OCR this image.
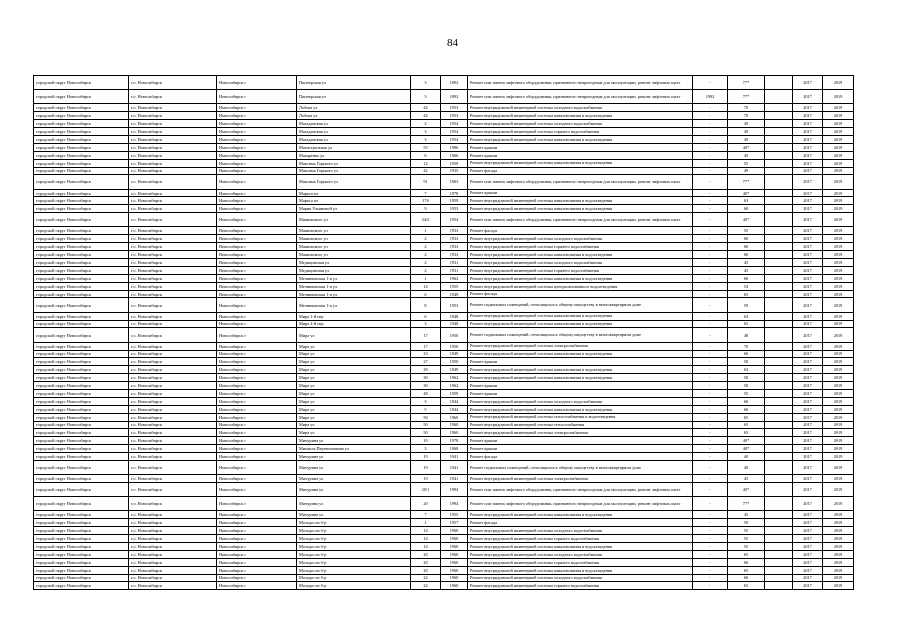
84
городской округ Новосибирск	г.о. Новосибирск	Новосибирск г	Пионерская ул	3	1892	Ремонт или замена лифтового оборудования, признанного непригодным для эксплуатации, ремонт лифтовых шахт	-	77*		2017	2019
городской округ Новосибирск	г.о. Новосибирск	Новосибирск г	Пионерская ул	3	1892	Ремонт или замена лифтового оборудования, признанного непригодным для эксплуатации, ремонт лифтовых шахт	1992	77*		2017	2019
городской округ Новосибирск	г.о. Новосибирск	Новосибирск г	Лобова ул	42	1953	Ремонт внутридомовой инженерной системы холодного водоснабжения	-	70		2017	2019
городской округ Новосибирск	г.о. Новосибирск	Новосибирск г	Лобова ул	42	1953	Ремонт внутридомовой инженерной системы канализования и водоотведения	-	70		2017	2019
городской округ Новосибирск	г.о. Новосибирск	Новосибирск г	Магаданская ул	2	1954	Ремонт внутридомовой инженерной системы холодного водоснабжения	-	49		2017	2019
городской округ Новосибирск	г.о. Новосибирск	Новосибирск г	Магаданская ул	3	1954	Ремонт внутридомовой инженерной системы горячего водоснабжения	-	49		2017	2019
городской округ Новосибирск	г.о. Новосибирск	Новосибирск г	Магаданская ул	3	1954	Ремонт внутридомовой инженерной системы канализования и водоотведения	-	49		2017	2019
городской округ Новосибирск	г.о. Новосибирск	Новосибирск г	Магистральная ул	55	1986	Ремонт крыши	-	40*		2017	2019
городской округ Новосибирск	г.о. Новосибирск	Новосибирск г	Макаренко ул	6	1966	Ремонт крыши	-	45		2017	2019
городской округ Новосибирск	г.о. Новосибирск	Новосибирск г	Максима Горького ул	12	1959	Ремонт внутридомовой инженерной системы канализования и водоотведения	-	55		2017	2019
городской округ Новосибирск	г.о. Новосибирск	Новосибирск г	Максима Горького ул	42	1935	Ремонт фасада	-	49		2017	2019
городской округ Новосибирск	г.о. Новосибирск	Новосибирск г	Максима Горького ул	91	1963	Ремонт или замена лифтового оборудования, признанного непригодным для эксплуатации, ремонт лифтовых шахт	-	77*		2017	2019
городской округ Новосибирск	г.о. Новосибирск	Новосибирск г	Маркса пл	7	1978	Ремонт крыши	-	40*		2017	2019
городской округ Новосибирск	г.о. Новосибирск	Новосибирск г	Маркса пл	176	1959	Ремонт внутридомовой инженерной системы канализования и водоотведения	-	63		2017	2019
городской округ Новосибирск	г.о. Новосибирск	Новосибирск г	Мария Ульяновой ул	9	1953	Ремонт внутридомовой инженерной системы канализования и водоотведения	-	60		2017	2019
городской округ Новосибирск	г.о. Новосибирск	Новосибирск г	Маяковского ул	24/3	1954	Ремонт или замена лифтового оборудования, признанного непригодным для эксплуатации, ремонт лифтовых шахт	-	40*		2017	2019
городской округ Новосибирск	г.о. Новосибирск	Новосибирск г	Маяковского ул	1	1933	Ремонт фасада	-	55		2017	2019
городской округ Новосибирск	г.о. Новосибирск	Новосибирск г	Маяковского ул	2	1933	Ремонт внутридомовой инженерной системы холодного водоснабжения	-	80		2017	2019
городской округ Новосибирск	г.о. Новосибирск	Новосибирск г	Маяковского ул	2	1933	Ремонт внутридомовой инженерной системы горячего водоснабжения	-	80		2017	2019
городской округ Новосибирск	г.о. Новосибирск	Новосибирск г	Маяковского ул	2	1933	Ремонт внутридомовой инженерной системы канализования и водоотведения	-	80		2017	2019
городской округ Новосибирск	г.о. Новосибирск	Новосибирск г	Медицинская ул	2	1931	Ремонт внутридомовой инженерной системы холодного водоснабжения	-	45		2017	2019
городской округ Новосибирск	г.о. Новосибирск	Новосибирск г	Медицинская ул	2	1931	Ремонт внутридомовой инженерной системы горячего водоснабжения	-	45		2017	2019
городской округ Новосибирск	г.о. Новосибирск	Новосибирск г	Мечниковская 1-я ул	1	1962	Ремонт внутридомовой инженерной системы канализования и водоотведения	-	60		2017	2019
городской округ Новосибирск	г.о. Новосибирск	Новосибирск г	Мечниковская 1-я ул	14	1955	Ремонт внутридомовой инженерной системы централизованного водоотведения	-	53		2017	2019
городской округ Новосибирск	г.о. Новосибирск	Новосибирск г	Мечниковская 1-я ул	6	1949	Ремонт фасада	-	65		2017	2019
городской округ Новосибирск	г.о. Новосибирск	Новосибирск г	Мечниковская 1-я ул	8	1953	Ремонт подвальных помещений, относящихся к общему имуществу в многоквартирном доме	-	59		2017	2019
городской округ Новосибирск	г.о. Новосибирск	Новосибирск г	Мира 1-й пер	6	1948	Ремонт внутридомовой инженерной системы канализования и водоотведения	-	63		2017	2019
городской округ Новосибирск	г.о. Новосибирск	Новосибирск г	Мира 2-й пер	3	1948	Ремонт внутридомовой инженерной системы канализования и водоотведения	-	65		2017	2019
городской округ Новосибирск	г.о. Новосибирск	Новосибирск г	Мира ул	17	1950	Ремонт подвальных помещений, относящихся к общему имуществу в многоквартирном доме	-	48		2017	2019
городской округ Новосибирск	г.о. Новосибирск	Новосибирск г	Мира ул	17	1950	Ремонт внутридомовой инженерной системы электроснабжения	-	70		2017	2019
городской округ Новосибирск	г.о. Новосибирск	Новосибирск г	Мира ул	23	1949	Ремонт внутридомовой инженерной системы канализования и водоотведения	-	60		2017	2019
городской округ Новосибирск	г.о. Новосибирск	Новосибирск г	Мира ул	27	1950	Ремонт крыши	-	50		2017	2019
городской округ Новосибирск	г.о. Новосибирск	Новосибирск г	Мира ул	29	1949	Ремонт внутридомовой инженерной системы канализования и водоотведения	-	63		2017	2019
городской округ Новосибирск	г.о. Новосибирск	Новосибирск г	Мира ул	30	1962	Ремонт внутридомовой инженерной системы канализования и водоотведения	-	50		2017	2019
городской округ Новосибирск	г.о. Новосибирск	Новосибирск г	Мира ул	30	1962	Ремонт крыши	-	50		2017	2019
городской округ Новосибирск	г.о. Новосибирск	Новосибирск г	Мира ул	48	1959	Ремонт крыши	-	55		2017	2019
городской округ Новосибирск	г.о. Новосибирск	Новосибирск г	Мира ул	3	1944	Ремонт внутридомовой инженерной системы холодного водоснабжения	-	60		2017	2019
городской округ Новосибирск	г.о. Новосибирск	Новосибирск г	Мира ул	5	1944	Ремонт внутридомовой инженерной системы канализования и водоотведения	-	60		2017	2019
городской округ Новосибирск	г.о. Новосибирск	Новосибирск г	Мира ул	50	1960	Ремонт внутридомовой инженерной системы теплоснабжения и водоотведения	-	65		2017	2019
городской округ Новосибирск	г.о. Новосибирск	Новосибирск г	Мира ул	50	1960	Ремонт внутридомовой инженерной системы теплоснабжения	-	65		2017	2019
городской округ Новосибирск	г.о. Новосибирск	Новосибирск г	Мира ул	50	1960	Ремонт внутридомовой инженерной системы электроснабжения	-	65		2017	2019
городской округ Новосибирск	г.о. Новосибирск	Новосибирск г	Мичурина ул	10	1978	Ремонт крыши	-	40*		2017	2019
городской округ Новосибирск	г.о. Новосибирск	Новосибирск г	Михаила Перевозчикова ул	3	1968	Ремонт крыши	-	40*		2017	2019
городской округ Новосибирск	г.о. Новосибирск	Новосибирск г	Мичурина ул	19	1941	Ремонт фасада	-	40		2017	2019
городской округ Новосибирск	г.о. Новосибирск	Новосибирск г	Мичурина ул	19	1941	Ремонт подвальных помещений, относящихся к общему имуществу в многоквартирном доме	-	40		2017	2019
городской округ Новосибирск	г.о. Новосибирск	Новосибирск г	Мичурина ул	19	1941	Ремонт внутридомовой инженерной системы электроснабжения	-	45		2017	2019
городской округ Новосибирск	г.о. Новосибирск	Новосибирск г	Мичурина ул	20/1	1994	Ремонт или замена лифтового оборудования, признанного непригодным для эксплуатации, ремонт лифтовых шахт	-	40*		2017	2019
городской округ Новосибирск	г.о. Новосибирск	Новосибирск г	Мичурина ул	20	1994	Ремонт или замена лифтового оборудования, признанного непригодным для эксплуатации, ремонт лифтовых шахт	-	77*		2017	2019
городской округ Новосибирск	г.о. Новосибирск	Новосибирск г	Мичурина ул	7	1955	Ремонт внутридомовой инженерной системы канализования и водоотведения	-	45		2017	2019
городской округ Новосибирск	г.о. Новосибирск	Новосибирск г	Молодости б-р	1	1957	Ремонт фасада	-	59		2017	2019
городской округ Новосибирск	г.о. Новосибирск	Новосибирск г	Молодости б-р	14	1960	Ремонт внутридомовой инженерной системы холодного водоснабжения	-	55		2017	2019
городской округ Новосибирск	г.о. Новосибирск	Новосибирск г	Молодости б-р	14	1960	Ремонт внутридомовой инженерной системы горячего водоснабжения	-	55		2017	2019
городской округ Новосибирск	г.о. Новосибирск	Новосибирск г	Молодости б-р	14	1960	Ремонт внутридомовой инженерной системы канализования и водоотведения	-	55		2017	2019
городской округ Новосибирск	г.о. Новосибирск	Новосибирск г	Молодости б-р	20	1960	Ремонт внутридомовой инженерной системы холодного водоснабжения	-	65		2017	2019
городской округ Новосибирск	г.о. Новосибирск	Новосибирск г	Молодости б-р	20	1960	Ремонт внутридомовой инженерной системы горячего водоснабжения	-	60		2017	2019
городской округ Новосибирск	г.о. Новосибирск	Новосибирск г	Молодости б-р	20	1960	Ремонт внутридомовой инженерной системы канализования и водоотведения	-	65		2017	2019
городской округ Новосибирск	г.о. Новосибирск	Новосибирск г	Молодости б-р	22	1960	Ремонт внутридомовой инженерной системы холодного водоснабжения	-	60		2017	2019
городской округ Новосибирск	г.о. Новосибирск	Новосибирск г	Молодости б-р	22	1960	Ремонт внутридомовой инженерной системы горячего водоснабжения	-	65		2017	2019
